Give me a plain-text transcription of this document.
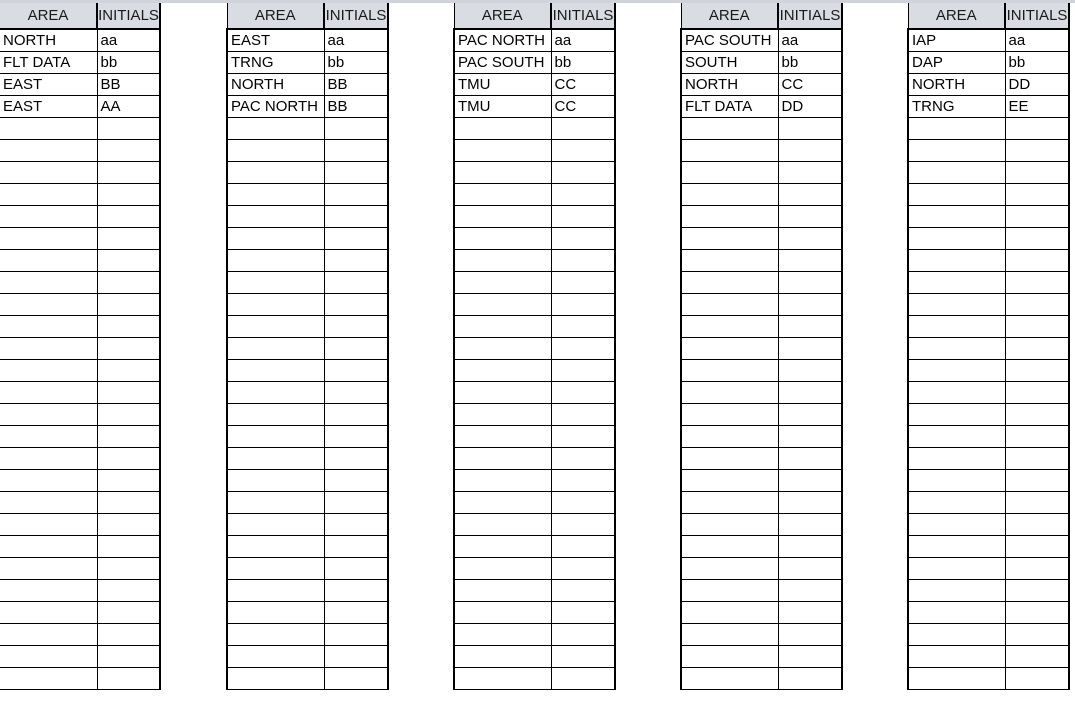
AREA	INITIALS
NORTH	aa
FLT DATA	bb
EAST	BB
EAST	AA

AREA	INITIALS
EAST	aa
TRNG	bb
NORTH	BB
PAC NORTH	BB

AREA	INITIALS
PAC NORTH	aa
PAC SOUTH	bb
TMU	CC
TMU	CC

AREA	INITIALS
PAC SOUTH	aa
SOUTH	bb
NORTH	CC
FLT DATA	DD

AREA	INITIALS
IAP	aa
DAP	bb
NORTH	DD
TRNG	EE
